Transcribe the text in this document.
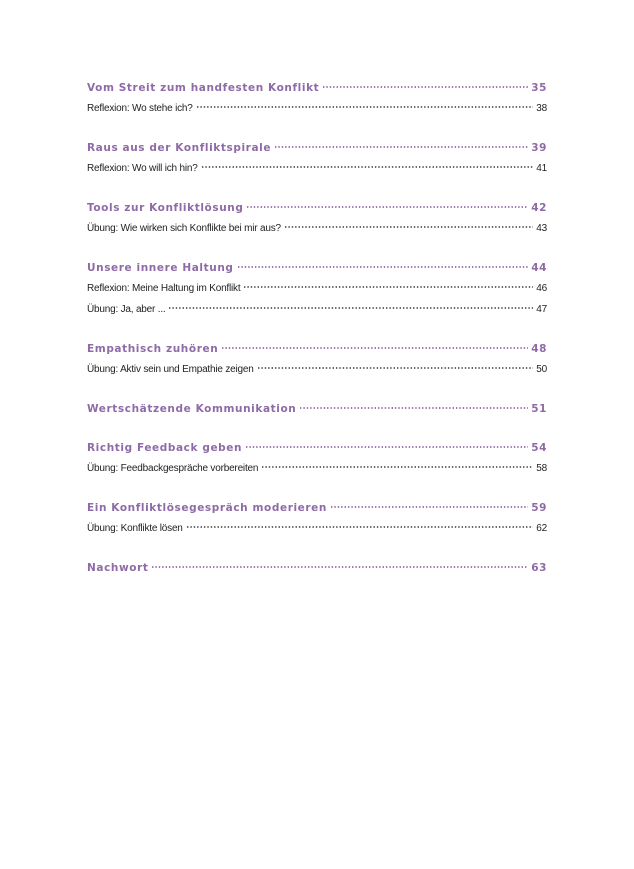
Vom Streit zum handfesten Konflikt	35
Reflexion: Wo stehe ich?	38
Raus aus der Konfliktspirale	39
Reflexion: Wo will ich hin?	41
Tools zur Konfliktlösung	42
Übung: Wie wirken sich Konflikte bei mir aus?	43
Unsere innere Haltung	44
Reflexion: Meine Haltung im Konflikt	46
Übung: Ja, aber ...	47
Empathisch zuhören	48
Übung: Aktiv sein und Empathie zeigen	50
Wertschätzende Kommunikation	51
Richtig Feedback geben	54
Übung: Feedbackgespräche vorbereiten	58
Ein Konfliktlösegespräch moderieren	59
Übung: Konflikte lösen	62
Nachwort	63
